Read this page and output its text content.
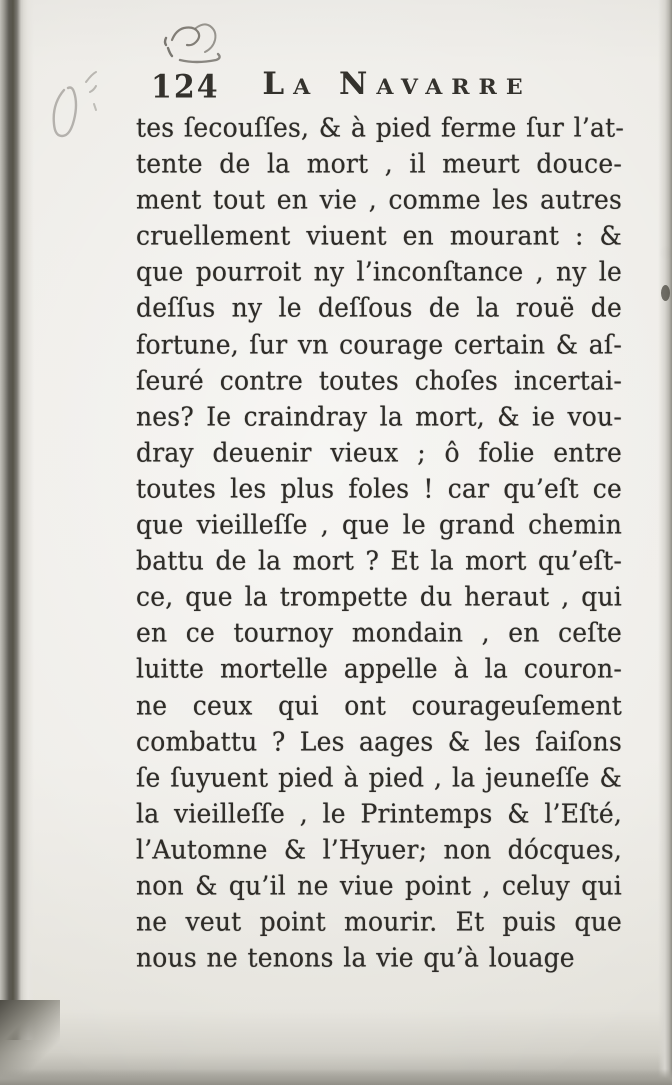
124	La Navarre
tes ſecouſſes, & à pied ferme ſur l’at-
tente de la mort , il meurt douce-
ment tout en vie , comme les autres
cruellement viuent en mourant : &
que pourroit ny l’inconſtance , ny le
deſſus ny le deſſous de la rouë de
fortune, ſur vn courage certain & aſ-
ſeuré contre toutes choſes incertai-
nes? Ie craindray la mort, & ie vou-
dray deuenir vieux ; ô folie entre
toutes les plus foles ! car qu’eſt ce
que vieilleſſe , que le grand chemin
battu de la mort ? Et la mort qu’eſt-
ce, que la trompette du heraut , qui
en ce tournoy mondain , en ceſte
luitte mortelle appelle à la couron-
ne ceux qui ont courageuſement
combattu ? Les aages & les ſaiſons
ſe ſuyuent pied à pied , la jeuneſſe &
la vieilleſſe , le Printemps & l’Eſté,
l’Automne & l’Hyuer; non dócques,
non & qu’il ne viue point , celuy qui
ne veut point mourir. Et puis que
nous ne tenons la vie qu’à louage
